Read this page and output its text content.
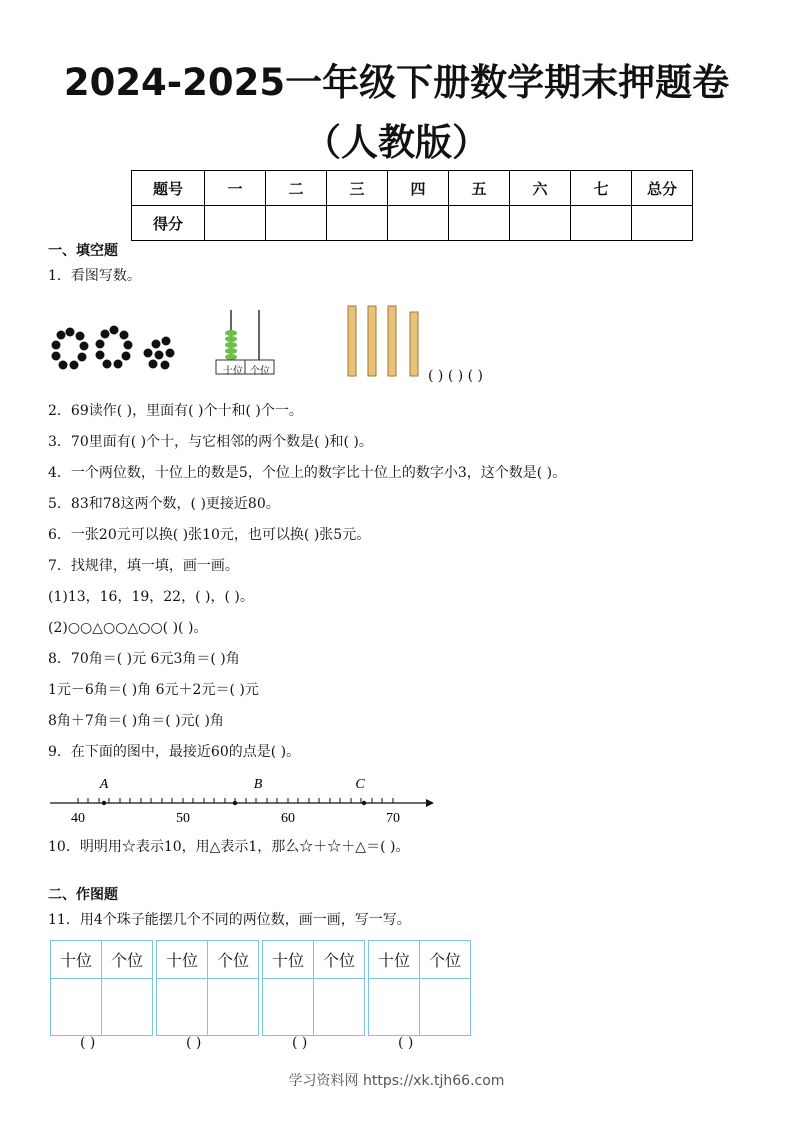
2024-2025一年级下册数学期末押题卷
（人教版）
题号	一	二	三	四	五	六	七	总分
得分								
一、填空题
1．看图写数。
十位 个位	( ) ( ) ( )
2．69读作( )，里面有( )个十和( )个一。
3．70里面有( )个十，与它相邻的两个数是( )和( )。
4．一个两位数，十位上的数是5，个位上的数字比十位上的数字小3，这个数是( )。
5．83和78这两个数，( )更接近80。
6．一张20元可以换( )张10元，也可以换( )张5元。
7．找规律，填一填，画一画。
(1)13，16，19，22，( )，( )。
(2)○○△○○△○○( )( )。
8．70角＝( )元 6元3角＝( )角
1元－6角＝( )角 6元＋2元＝( )元
8角＋7角＝( )角＝( )元( )角
9．在下面的图中，最接近60的点是( )。
A	B	C
40	50	60	70
10．明明用☆表示10，用△表示1，那么☆＋☆＋△＝( )。
二、作图题
11．用4个珠子能摆几个不同的两位数，画一画，写一写。
十位	个位
	十位	个位
	十位	个位
	十位	个位

( )	( )	( )	( )
学习资料网 https://xk.tjh66.com
